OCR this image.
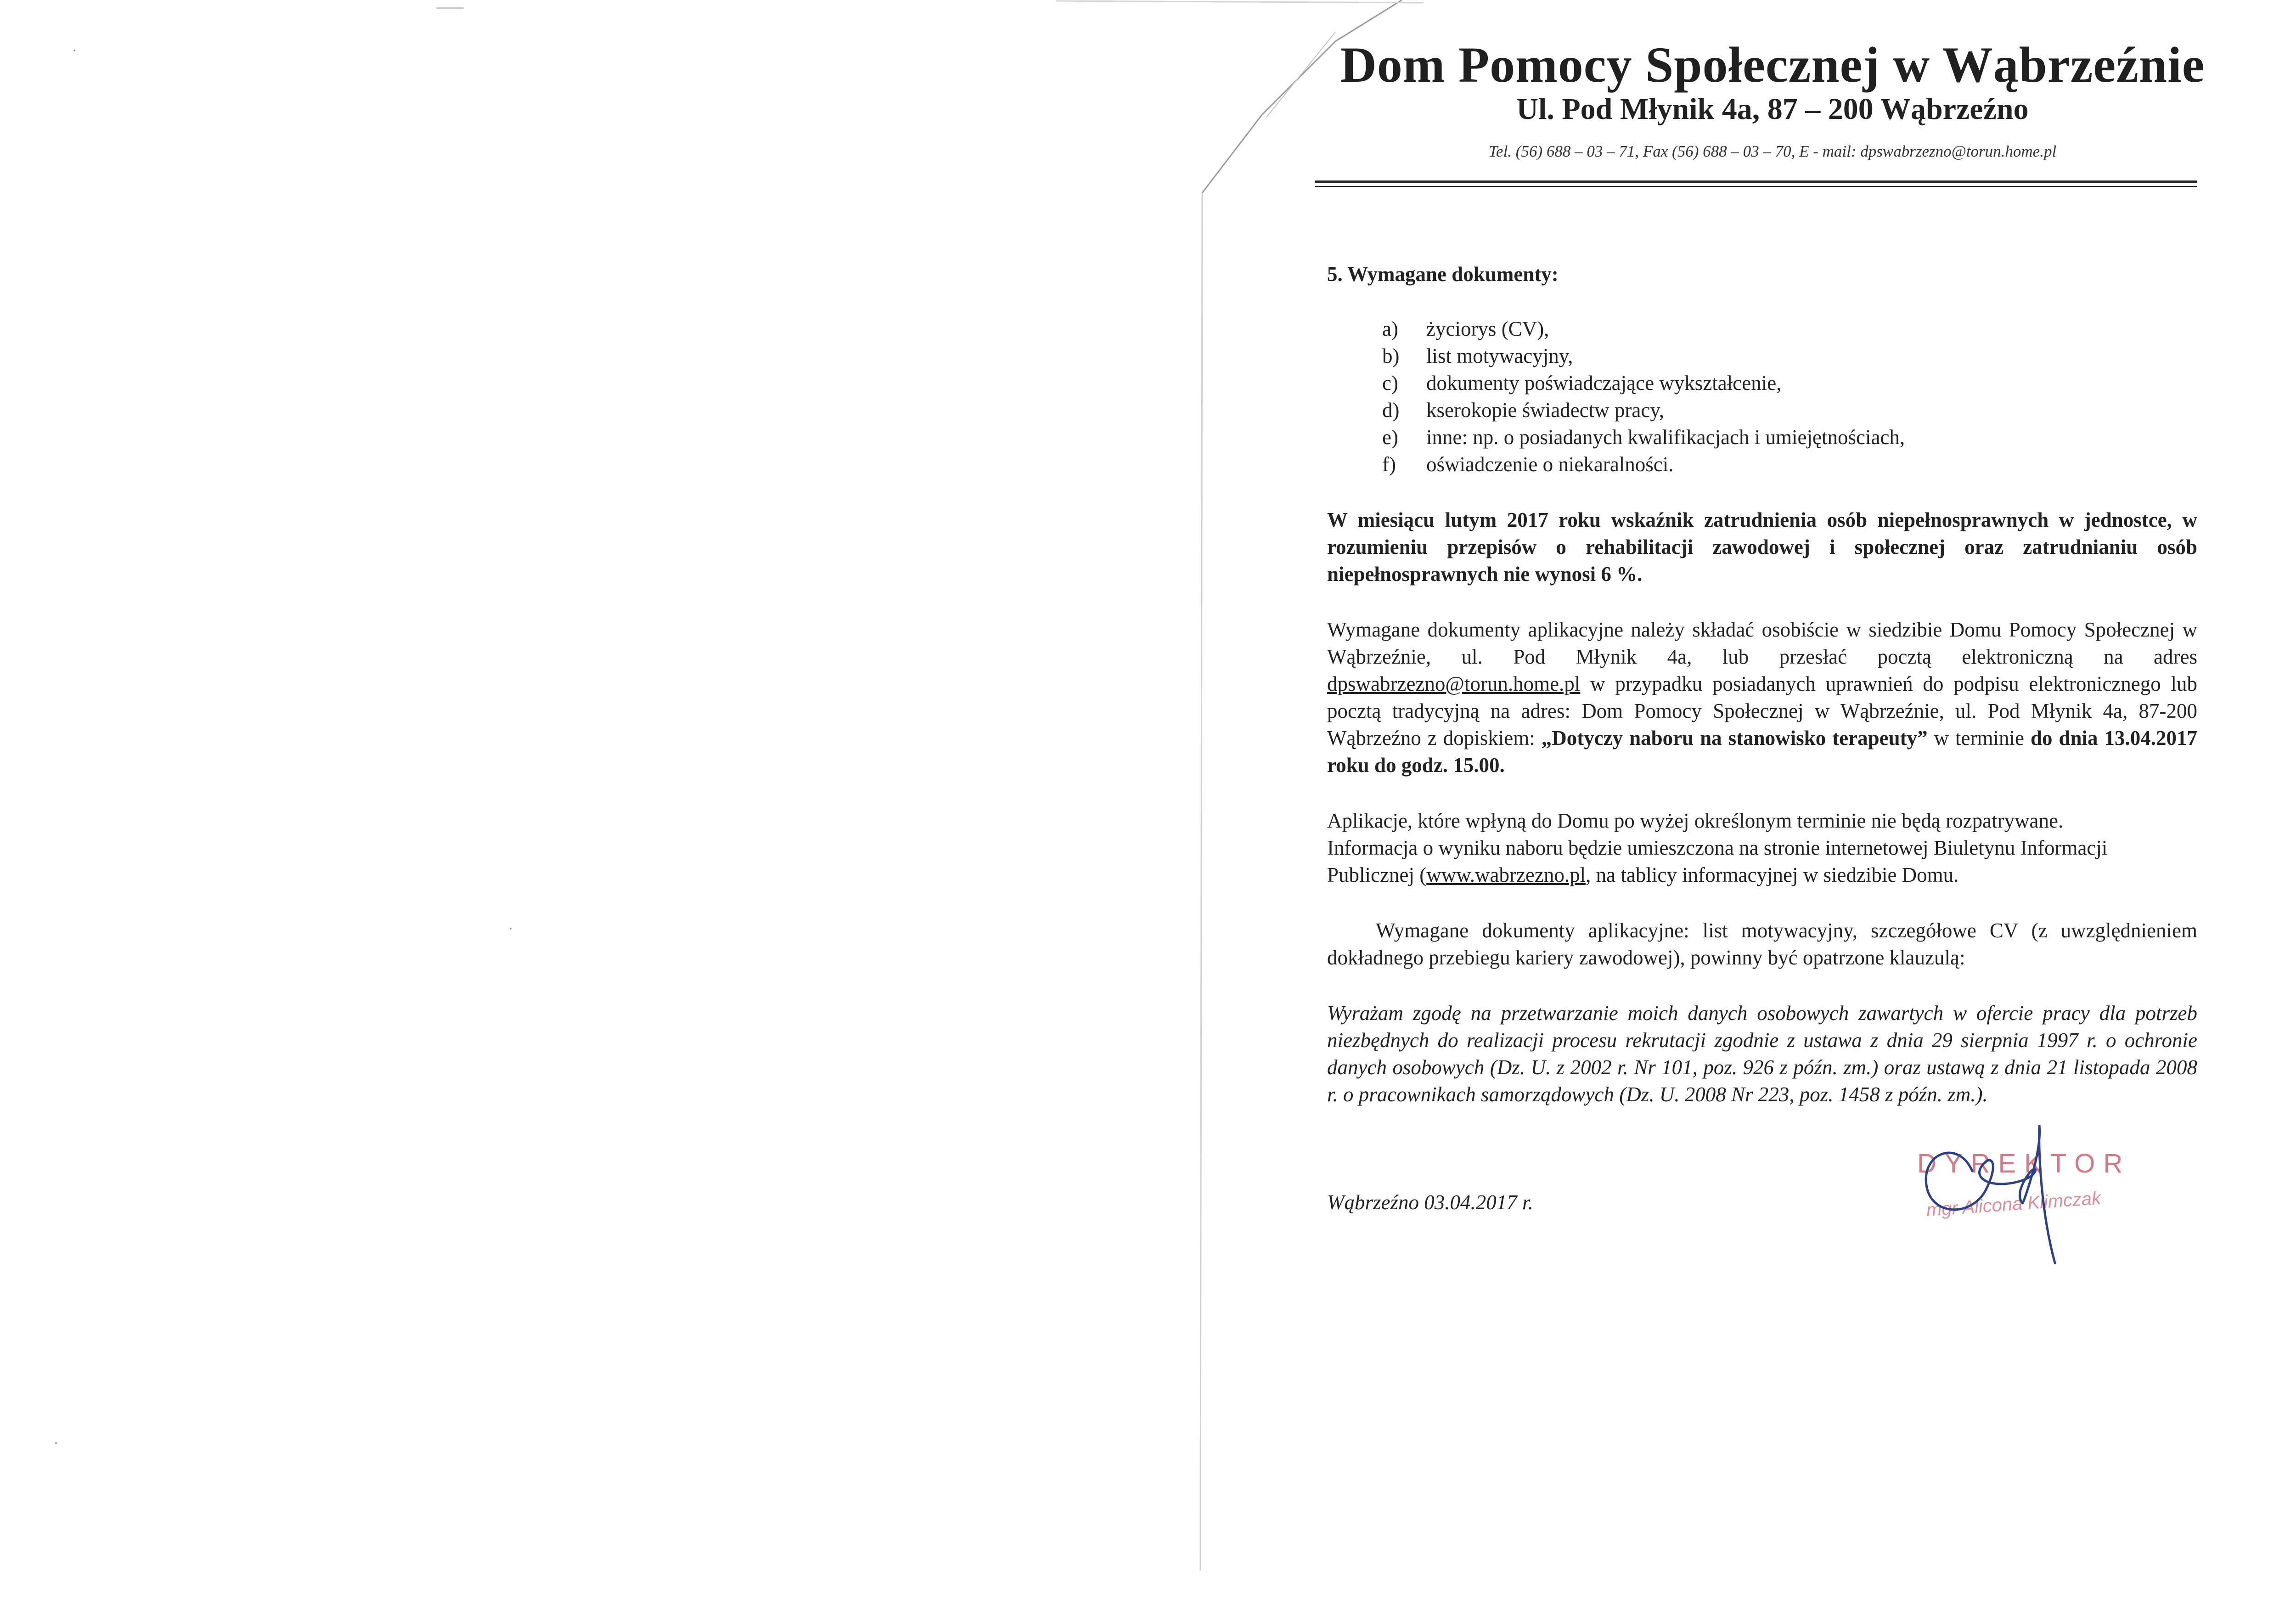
Dom Pomocy Społecznej w Wąbrzeźnie
Ul. Pod Młynik 4a, 87 – 200 Wąbrzeźno
Tel. (56) 688 – 03 – 71, Fax (56) 688 – 03 – 70, E - mail: dpswabrzezno@torun.home.pl
5. Wymagane dokumenty:
a)	życiorys (CV),
b)	list motywacyjny,
c)	dokumenty poświadczające wykształcenie,
d)	kserokopie świadectw pracy,
e)	inne: np. o posiadanych kwalifikacjach i umiejętnościach,
f)	oświadczenie o niekaralności.

W miesiącu lutym 2017 roku wskaźnik zatrudnienia osób niepełnosprawnych w jednostce, w rozumieniu przepisów o rehabilitacji zawodowej i społecznej oraz zatrudnianiu osób niepełnosprawnych nie wynosi 6 %.

Wymagane dokumenty aplikacyjne należy składać osobiście w siedzibie Domu Pomocy Społecznej w Wąbrzeźnie, ul. Pod Młynik 4a, lub przesłać pocztą elektroniczną na adres dpswabrzezno@torun.home.pl w przypadku posiadanych uprawnień do podpisu elektronicznego lub pocztą tradycyjną na adres: Dom Pomocy Społecznej w Wąbrzeźnie, ul. Pod Młynik 4a, 87-200 Wąbrzeźno z dopiskiem: „Dotyczy naboru na stanowisko terapeuty” w terminie do dnia 13.04.2017 roku do godz. 15.00.

Aplikacje, które wpłyną do Domu po wyżej określonym terminie nie będą rozpatrywane.
Informacja o wyniku naboru będzie umieszczona na stronie internetowej Biuletynu Informacji Publicznej (www.wabrzezno.pl, na tablicy informacyjnej w siedzibie Domu.

Wymagane dokumenty aplikacyjne: list motywacyjny, szczegółowe CV (z uwzględnieniem dokładnego przebiegu kariery zawodowej), powinny być opatrzone klauzulą:

Wyrażam zgodę na przetwarzanie moich danych osobowych zawartych w ofercie pracy dla potrzeb niezbędnych do realizacji procesu rekrutacji zgodnie z ustawa z dnia 29 sierpnia 1997 r. o ochronie danych osobowych (Dz. U. z 2002 r. Nr 101, poz. 926 z późn. zm.) oraz ustawą z dnia 21 listopada 2008 r. o pracownikach samorządowych (Dz. U. 2008 Nr 223, poz. 1458 z późn. zm.).

Wąbrzeźno 03.04.2017 r.
DYREKTOR
mgr Alicona Klimczak
